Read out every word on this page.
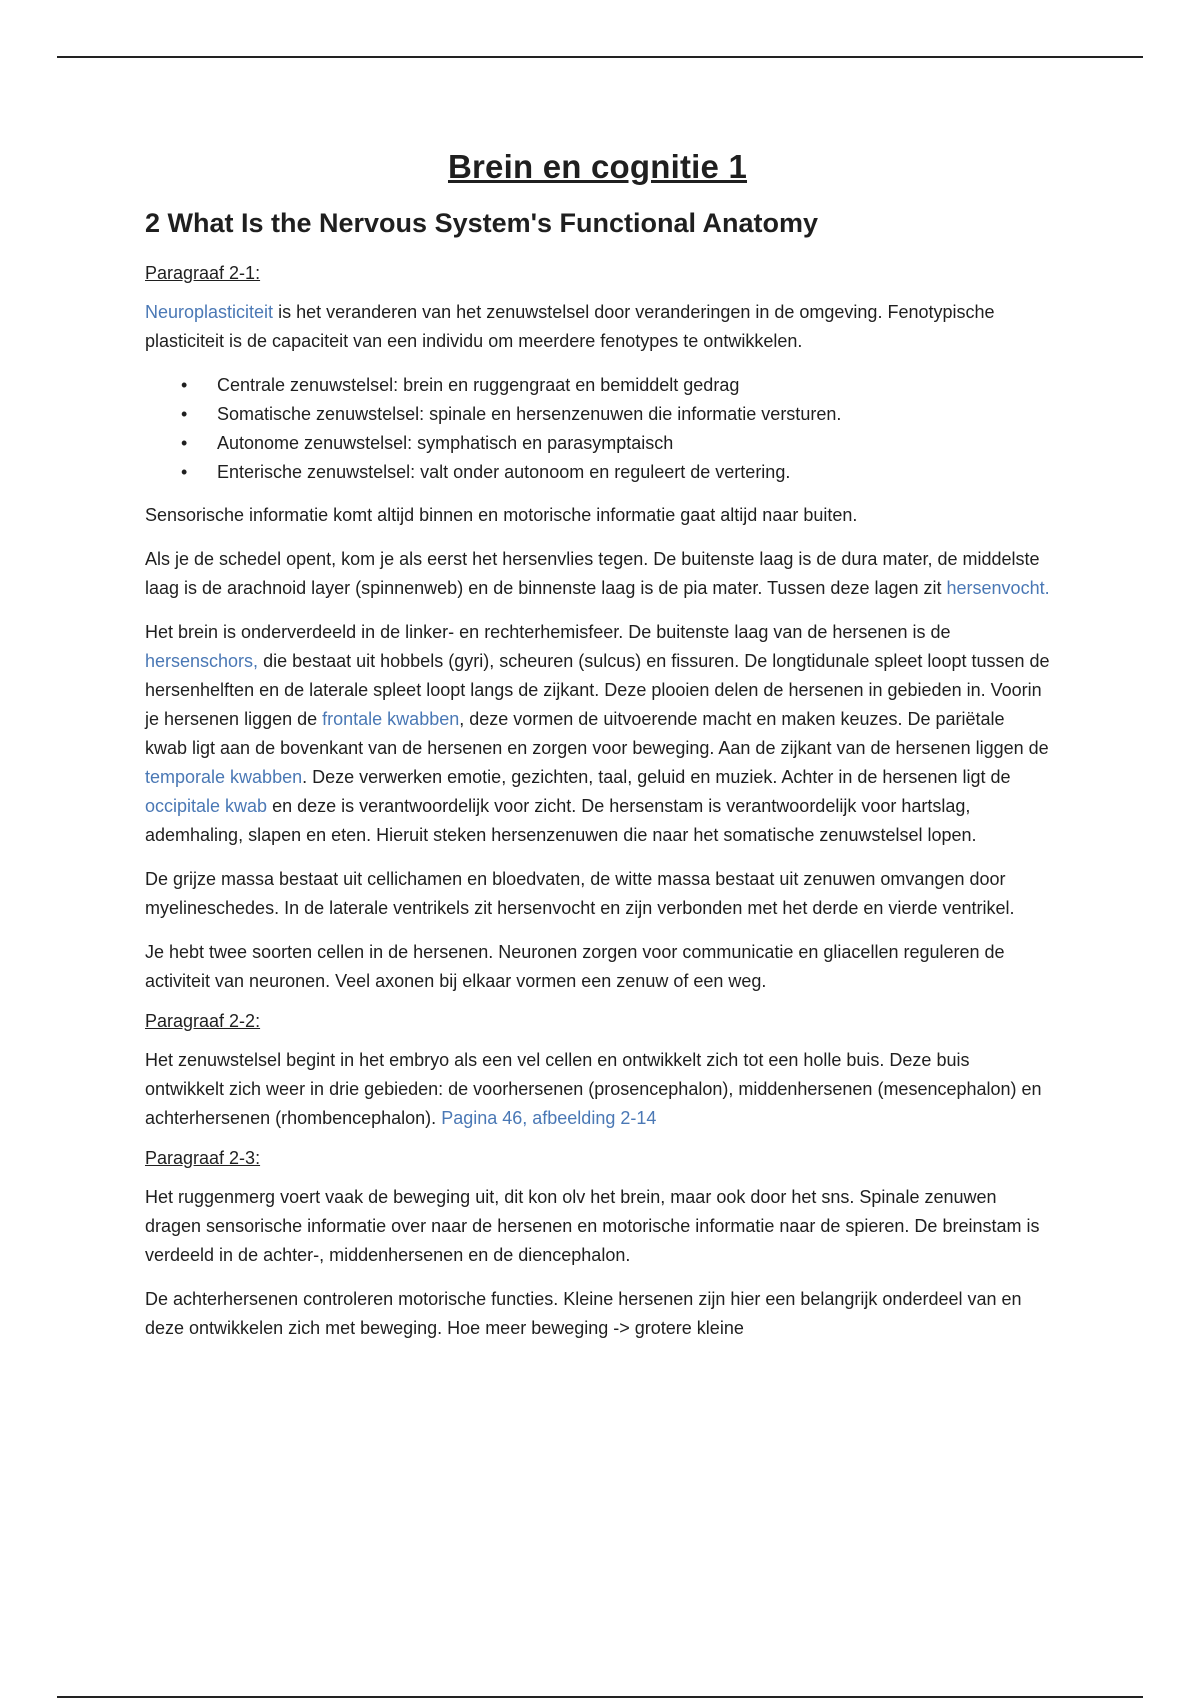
Brein en cognitie 1
2 What Is the Nervous System's Functional Anatomy
Paragraaf 2-1:

Neuroplasticiteit is het veranderen van het zenuwstelsel door veranderingen in de omgeving. Fenotypische plasticiteit is de capaciteit van een individu om meerdere fenotypes te ontwikkelen.

• Centrale zenuwstelsel: brein en ruggengraat en bemiddelt gedrag
• Somatische zenuwstelsel: spinale en hersenzenuwen die informatie versturen.
• Autonome zenuwstelsel: symphatisch en parasymptaisch
• Enterische zenuwstelsel: valt onder autonoom en reguleert de vertering.

Sensorische informatie komt altijd binnen en motorische informatie gaat altijd naar buiten.

Als je de schedel opent, kom je als eerst het hersenvlies tegen. De buitenste laag is de dura mater, de middelste laag is de arachnoid layer (spinnenweb) en de binnenste laag is de pia mater. Tussen deze lagen zit hersenvocht.

Het brein is onderverdeeld in de linker- en rechterhemisfeer. De buitenste laag van de hersenen is de hersenschors, die bestaat uit hobbels (gyri), scheuren (sulcus) en fissuren. De longtidunale spleet loopt tussen de hersenhelften en de laterale spleet loopt langs de zijkant. Deze plooien delen de hersenen in gebieden in. Voorin je hersenen liggen de frontale kwabben, deze vormen de uitvoerende macht en maken keuzes. De pariëtale kwab ligt aan de bovenkant van de hersenen en zorgen voor beweging. Aan de zijkant van de hersenen liggen de temporale kwabben. Deze verwerken emotie, gezichten, taal, geluid en muziek. Achter in de hersenen ligt de occipitale kwab en deze is verantwoordelijk voor zicht. De hersenstam is verantwoordelijk voor hartslag, ademhaling, slapen en eten. Hieruit steken hersenzenuwen die naar het somatische zenuwstelsel lopen.

De grijze massa bestaat uit cellichamen en bloedvaten, de witte massa bestaat uit zenuwen omvangen door myelineschedes. In de laterale ventrikels zit hersenvocht en zijn verbonden met het derde en vierde ventrikel.

Je hebt twee soorten cellen in de hersenen. Neuronen zorgen voor communicatie en gliacellen reguleren de activiteit van neuronen. Veel axonen bij elkaar vormen een zenuw of een weg.

Paragraaf 2-2:

Het zenuwstelsel begint in het embryo als een vel cellen en ontwikkelt zich tot een holle buis. Deze buis ontwikkelt zich weer in drie gebieden: de voorhersenen (prosencephalon), middenhersenen (mesencephalon) en achterhersenen (rhombencephalon). Pagina 46, afbeelding 2-14

Paragraaf 2-3:

Het ruggenmerg voert vaak de beweging uit, dit kon olv het brein, maar ook door het sns. Spinale zenuwen dragen sensorische informatie over naar de hersenen en motorische informatie naar de spieren. De breinstam is verdeeld in de achter-, middenhersenen en de diencephalon.

De achterhersenen controleren motorische functies. Kleine hersenen zijn hier een belangrijk onderdeel van en deze ontwikkelen zich met beweging. Hoe meer beweging -> grotere kleine
